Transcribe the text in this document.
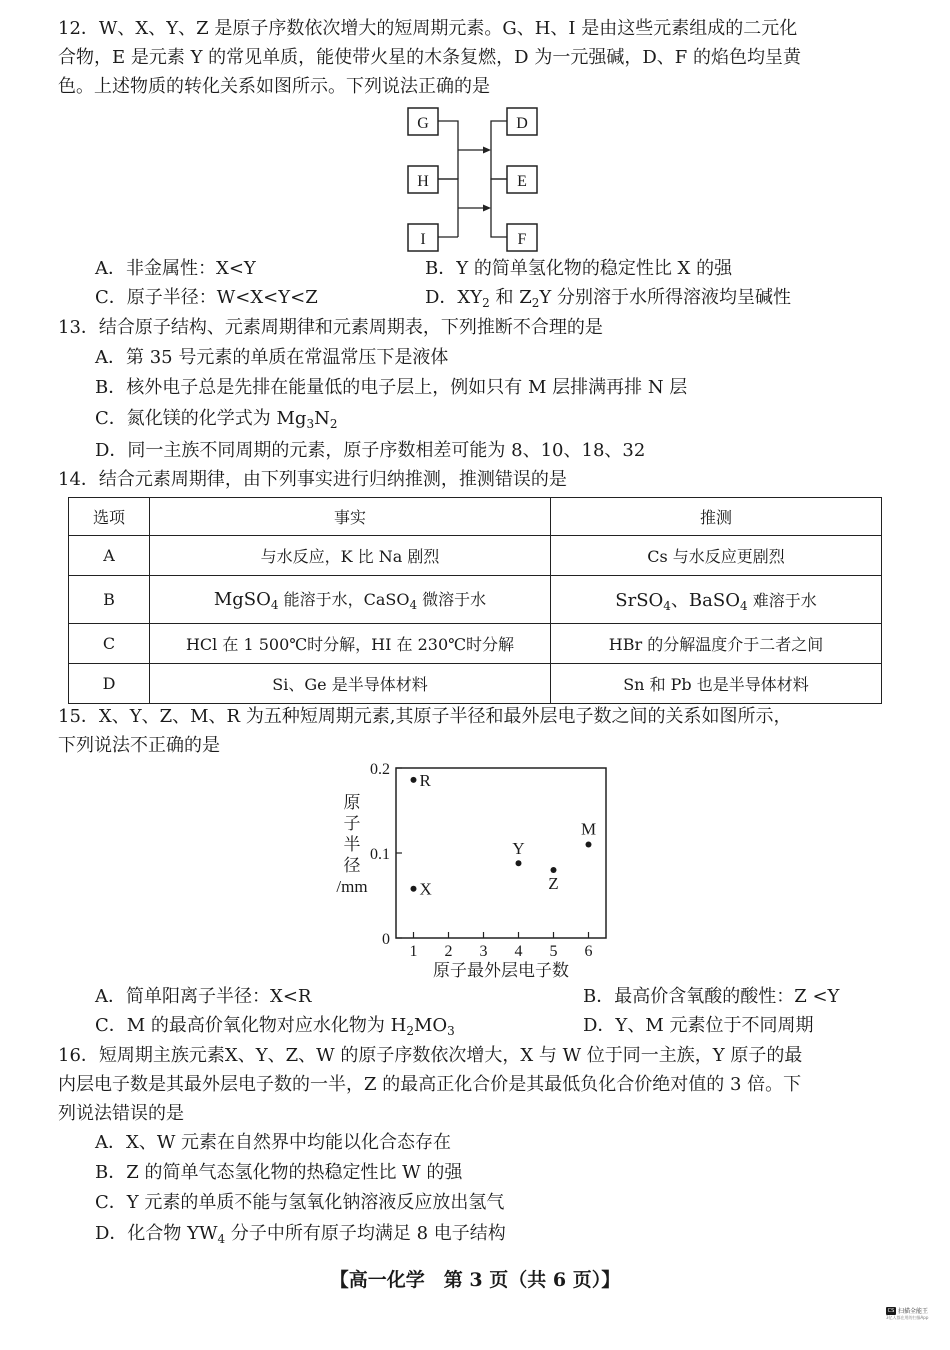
12．W、X、Y、Z 是原子序数依次增大的短周期元素。G、H、I 是由这些元素组成的二元化
合物，E 是元素 Y 的常见单质，能使带火星的木条复燃，D 为一元强碱，D、F 的焰色均呈黄
色。上述物质的转化关系如图所示。下列说法正确的是
G
H
I
D
E
F
A．非金属性：X<Y	B．Y 的简单氢化物的稳定性比 X 的强
C．原子半径：W<X<Y<Z	D．$XY_2$ 和 $Z_2Y$ 分别溶于水所得溶液均呈碱性
13．结合原子结构、元素周期律和元素周期表，下列推断不合理的是
A．第 35 号元素的单质在常温常压下是液体
B．核外电子总是先排在能量低的电子层上，例如只有 M 层排满再排 N 层
C．氮化镁的化学式为 $Mg_3N_2$
D．同一主族不同周期的元素，原子序数相差可能为 8、10、18、32
14．结合元素周期律，由下列事实进行归纳推测，推测错误的是
选项	事实	推测
A	与水反应，K 比 Na 剧烈	Cs 与水反应更剧烈
B	MgSO$_4$ 能溶于水，CaSO$_4$ 微溶于水	SrSO$_4$、BaSO$_4$ 难溶于水
C	HCl 在 1 500℃时分解，HI 在 230℃时分解	HBr 的分解温度介于二者之间
D	Si、Ge 是半导体材料	Sn 和 Pb 也是半导体材料
15．X、Y、Z、M、R 为五种短周期元素,其原子半径和最外层电子数之间的关系如图所示，
下列说法不正确的是
0
0.1
0.2
1 2 3 4 5 6
原
子
半
径
/mm
原子最外层电子数
R
X
Y
Z
M
A．简单阳离子半径：X<R	B．最高价含氧酸的酸性：Z <Y
C．M 的最高价氧化物对应水化物为 $H_2MO_3$	D．Y、M 元素位于不同周期
16．短周期主族元素X、Y、Z、W 的原子序数依次增大，X 与 W 位于同一主族，Y 原子的最
内层电子数是其最外层电子数的一半，Z 的最高正化合价是其最低负化合价绝对值的 3 倍。下
列说法错误的是
A．X、W 元素在自然界中均能以化合态存在
B．Z 的简单气态氢化物的热稳定性比 W 的强
C．Y 元素的单质不能与氢氧化钠溶液反应放出氢气
D．化合物 $YW_4$ 分子中所有原子均满足 8 电子结构
【高一化学　第 3 页（共 6 页）】
CS 扫描全能王
3亿人都在用的扫描App
